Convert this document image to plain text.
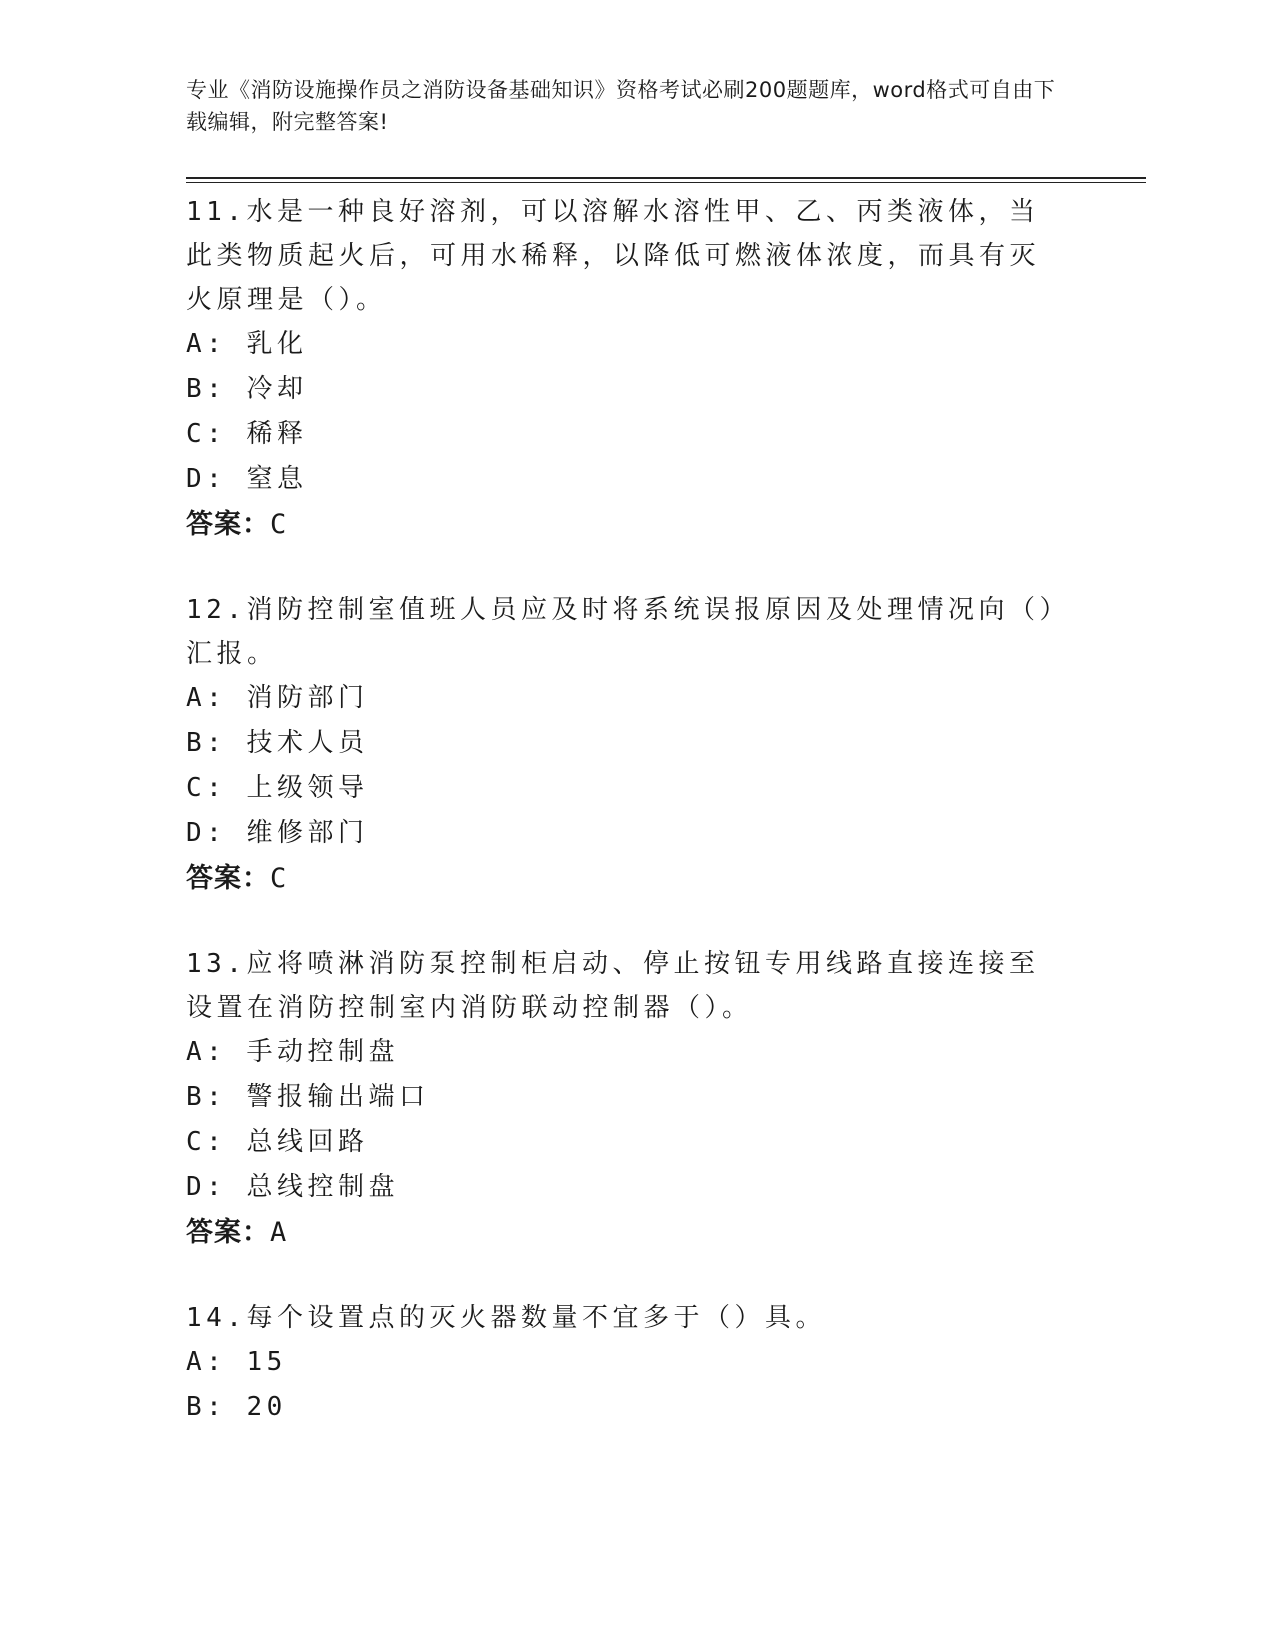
专业《消防设施操作员之消防设备基础知识》资格考试必刷200题题库，word格式可自由下载编辑，附完整答案!

11.水是一种良好溶剂，可以溶解水溶性甲、乙、丙类液体，当此类物质起火后，可用水稀释，以降低可燃液体浓度，而具有灭火原理是（）。

A: 乳化

B: 冷却

C: 稀释

D: 窒息

答案：C

12.消防控制室值班人员应及时将系统误报原因及处理情况向（）汇报。

A: 消防部门

B: 技术人员

C: 上级领导

D: 维修部门

答案：C

13.应将喷淋消防泵控制柜启动、停止按钮专用线路直接连接至设置在消防控制室内消防联动控制器（）。

A: 手动控制盘

B: 警报输出端口

C: 总线回路

D: 总线控制盘

答案：A

14.每个设置点的灭火器数量不宜多于（）具。

A: 15

B: 20
